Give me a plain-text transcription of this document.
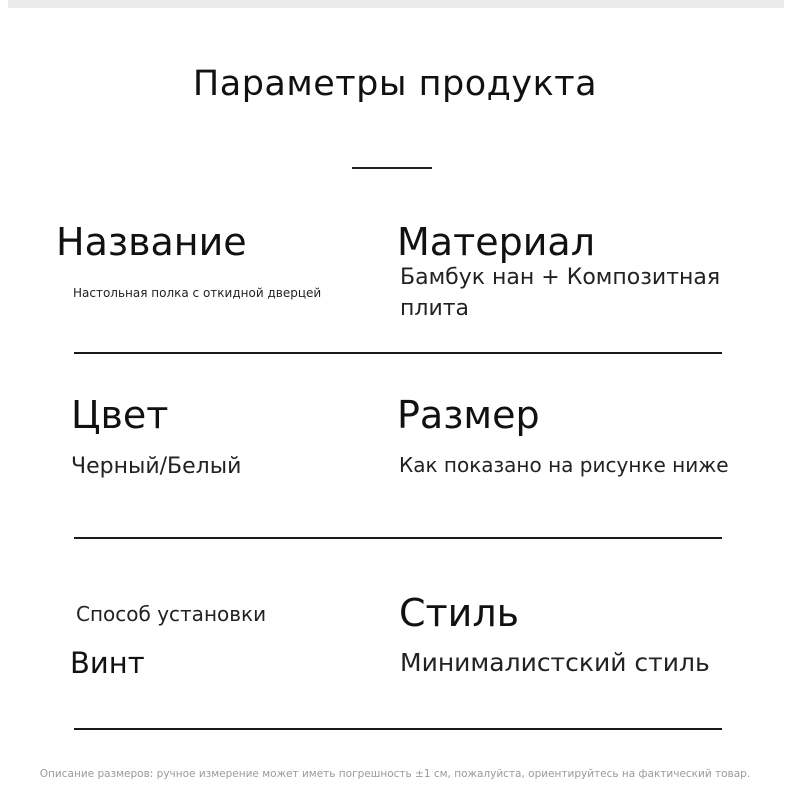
Параметры продукта
Название
Настольная полка с откидной дверцей
Материал
Бамбук нан + Композитная
плита
Цвет
Черный/Белый
Размер
Как показано на рисунке ниже
Способ установки
Винт
Стиль
Минималистский стиль
Описание размеров: ручное измерение может иметь погрешность ±1 см, пожалуйста, ориентируйтесь на фактический товар.
